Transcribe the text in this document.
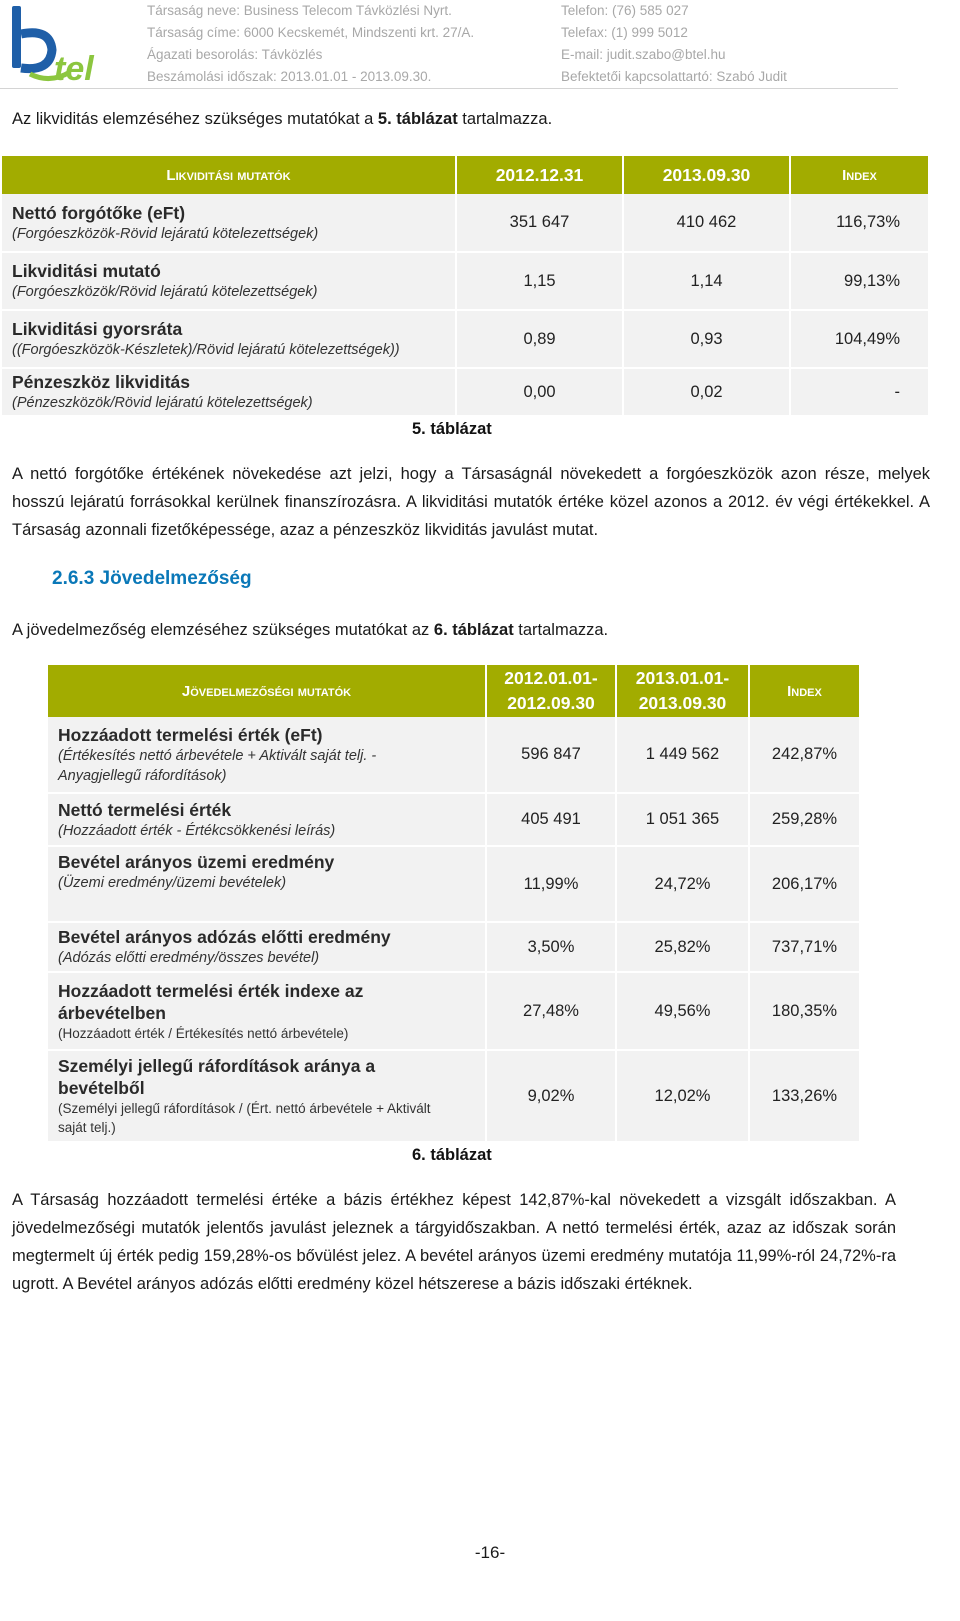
tel
Társaság neve: Business Telecom Távközlési Nyrt.
Társaság címe: 6000 Kecskemét, Mindszenti krt. 27/A.
Ágazati besorolás: Távközlés
Beszámolási időszak: 2013.01.01 - 2013.09.30.
Telefon: (76) 585 027
Telefax: (1) 999 5012
E-mail: judit.szabo@btel.hu
Befektetői kapcsolattartó: Szabó Judit
Az likviditás elemzéséhez szükséges mutatókat a 5. táblázat tartalmazza.
Likviditási mutatók	2012.12.31	2013.09.30	Index

Nettó forgótőke (eFt)
(Forgóeszközök-Rövid lejáratú kötelezettségek)	351 647	410 462	116,73%

Likviditási mutató
(Forgóeszközök/Rövid lejáratú kötelezettségek)	1,15	1,14	99,13%

Likviditási gyorsráta
((Forgóeszközök-Készletek)/Rövid lejáratú kötelezettségek))	0,89	0,93	104,49%

Pénzeszköz likviditás
(Pénzeszközök/Rövid lejáratú kötelezettségek)	0,00	0,02	-
5. táblázat
A nettó forgótőke értékének növekedése azt jelzi, hogy a Társaságnál növekedett a forgóeszközök azon része, melyek hosszú lejáratú forrásokkal kerülnek finanszírozásra. A likviditási mutatók értéke közel azonos a 2012. év végi értékekkel. A Társaság azonnali fizetőképessége, azaz a pénzeszköz likviditás javulást mutat.
2.6.3 Jövedelmezőség
A jövedelmezőség elemzéséhez szükséges mutatókat az 6. táblázat tartalmazza.
Jövedelmezőségi mutatók	2012.01.01-
2012.09.30	2013.01.01-
2013.09.30	Index

Hozzáadott termelési érték (eFt)
(Értékesítés nettó árbevétele + Aktivált saját telj. - Anyagjellegű ráfordítások)	596 847	1 449 562	242,87%

Nettó termelési érték
(Hozzáadott érték - Értékcsökkenési leírás)	405 491	1 051 365	259,28%

Bevétel arányos üzemi eredmény
(Üzemi eredmény/üzemi bevételek)	11,99%	24,72%	206,17%

Bevétel arányos adózás előtti eredmény
(Adózás előtti eredmény/összes bevétel)	3,50%	25,82%	737,71%

Hozzáadott termelési érték indexe az árbevételben
(Hozzáadott érték / Értékesítés nettó árbevétele)	27,48%	49,56%	180,35%

Személyi jellegű ráfordítások aránya a bevételből
(Személyi jellegű ráfordítások / (Ért. nettó árbevétele + Aktivált saját telj.)	9,02%	12,02%	133,26%
6. táblázat
A Társaság hozzáadott termelési értéke a bázis értékhez képest 142,87%-kal növekedett a vizsgált időszakban. A jövedelmezőségi mutatók jelentős javulást jeleznek a tárgyidőszakban. A nettó termelési érték, azaz az időszak során megtermelt új érték pedig 159,28%-os bővülést jelez. A bevétel arányos üzemi eredmény mutatója 11,99%-ról 24,72%-ra ugrott. A Bevétel arányos adózás előtti eredmény közel hétszerese a bázis időszaki értéknek.
-16-
